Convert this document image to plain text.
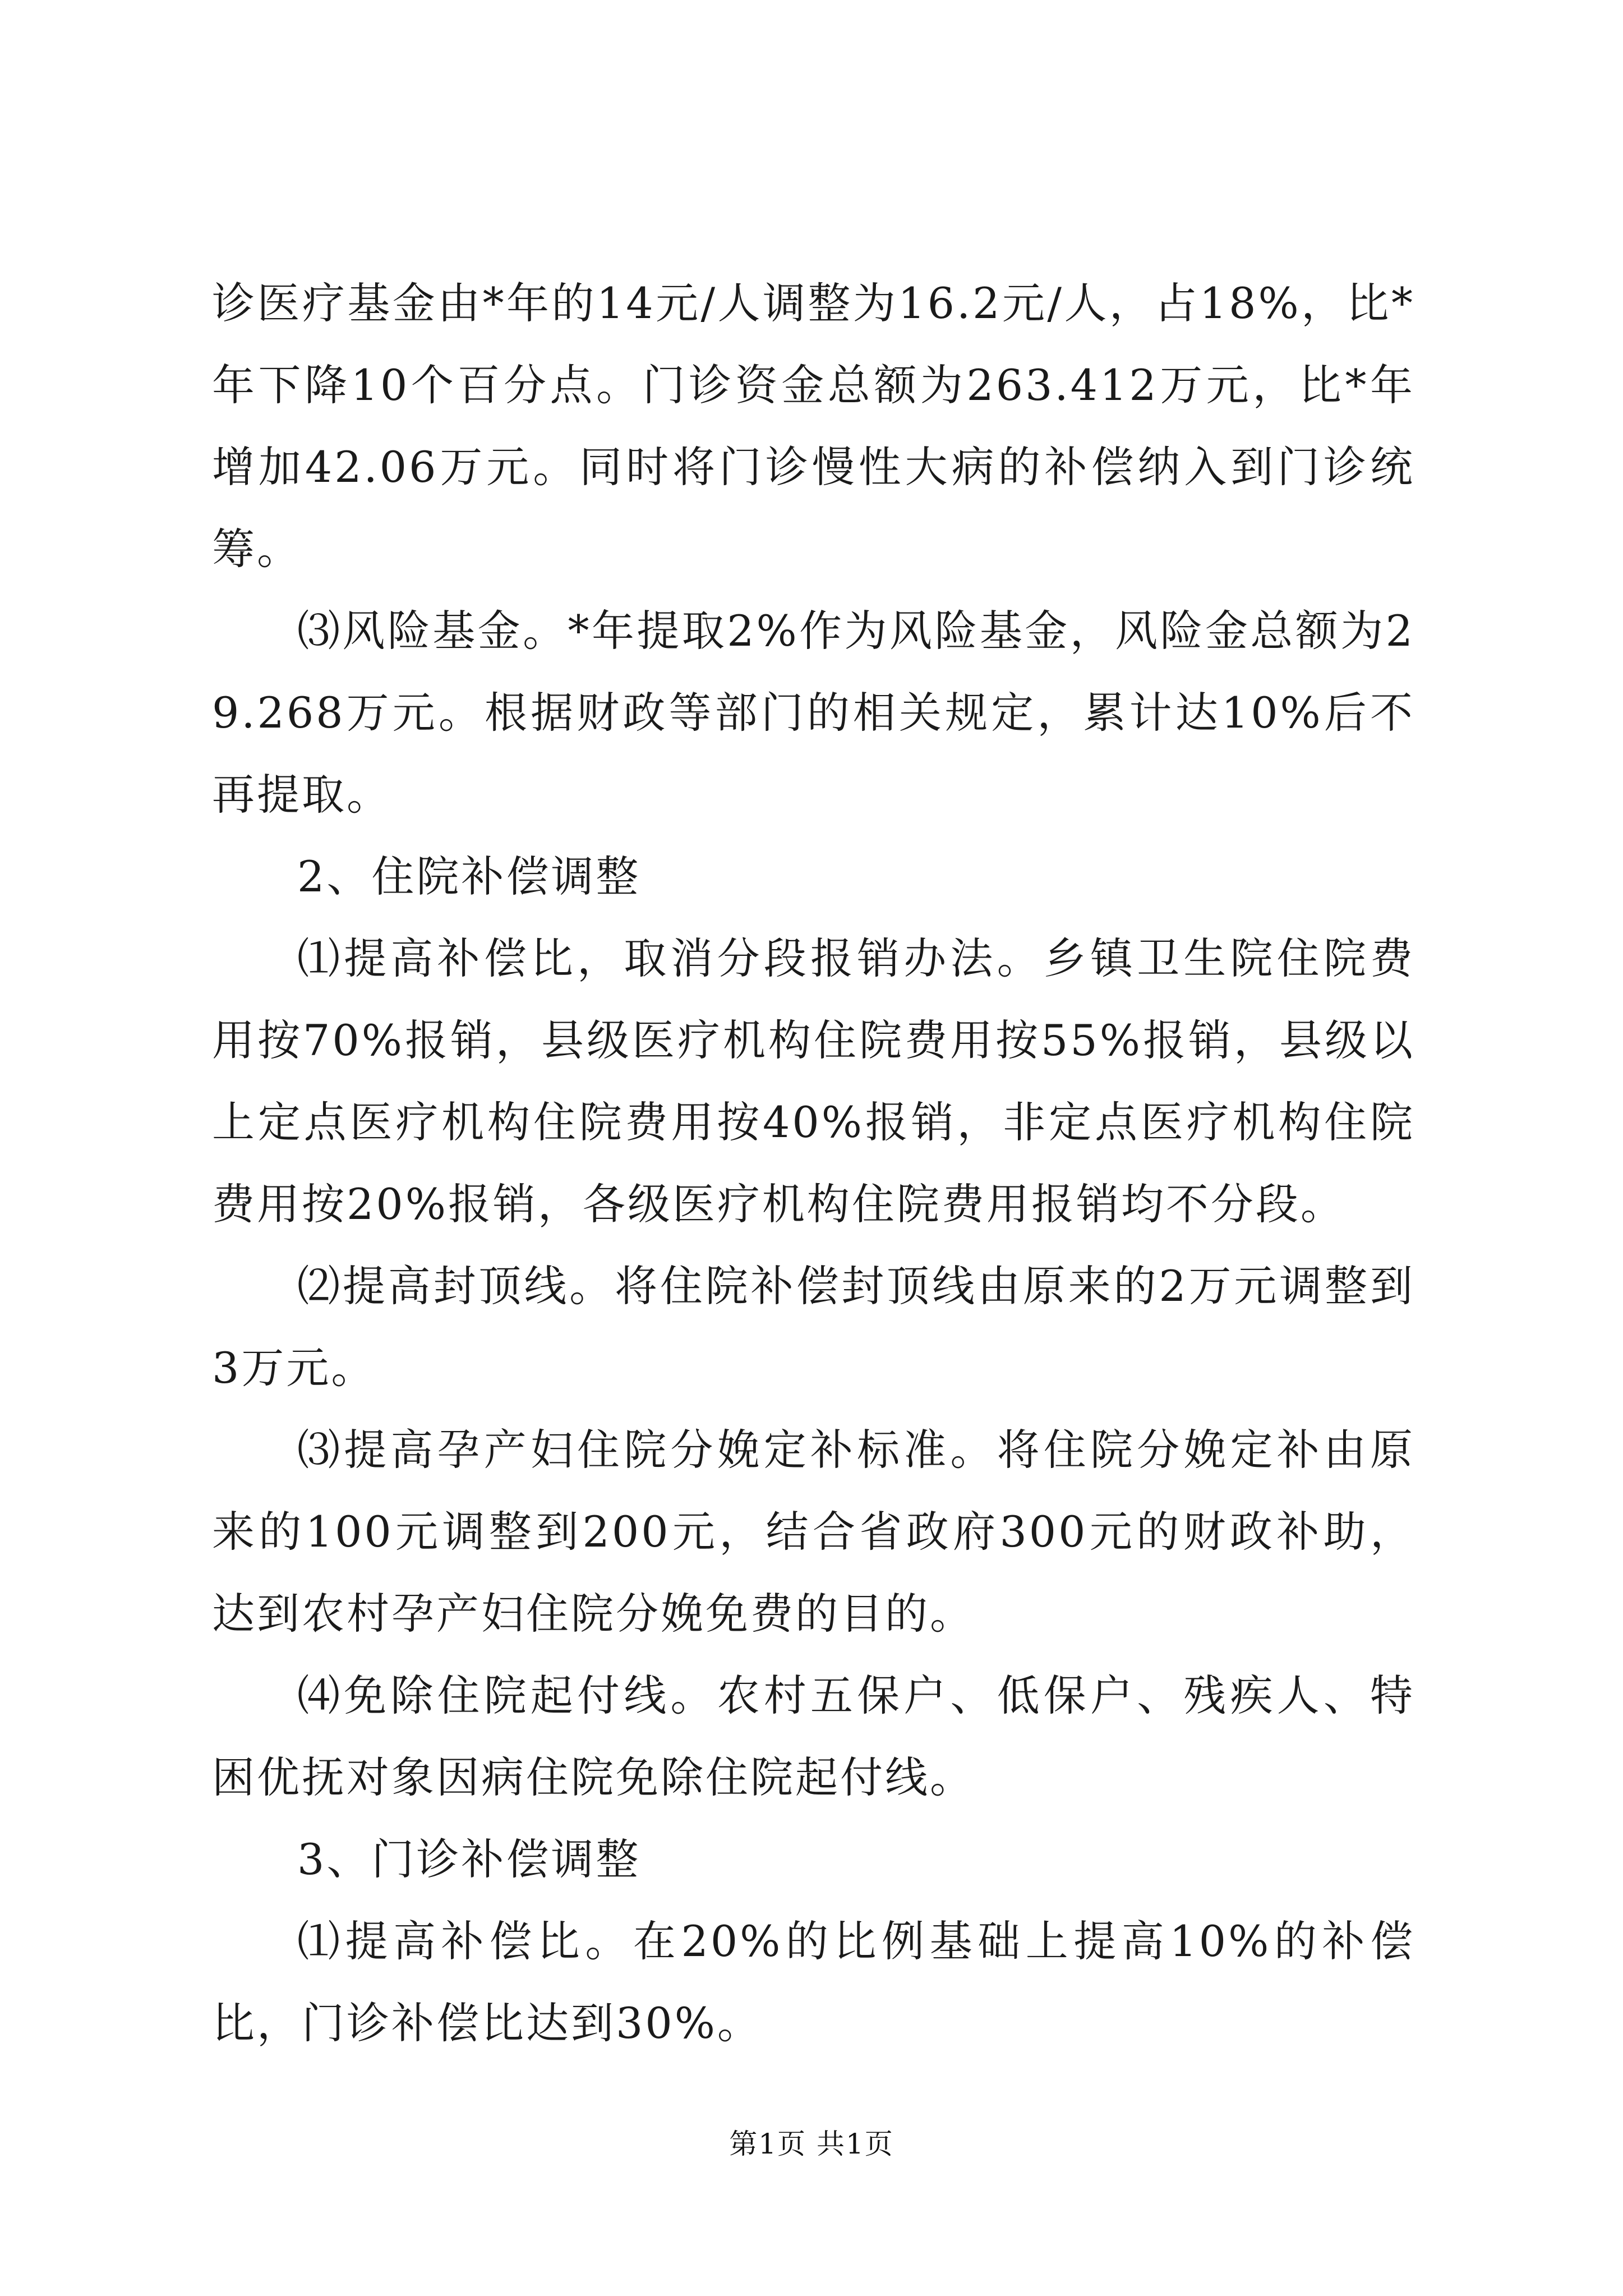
诊医疗基金由*年的14元/人调整为16.2元/人，占18%，比*年下降10个百分点。门诊资金总额为263.412万元，比*年增加42.06万元。同时将门诊慢性大病的补偿纳入到门诊统筹。

⑶风险基金。*年提取2%作为风险基金，风险金总额为29.268万元。根据财政等部门的相关规定，累计达10%后不再提取。

2、住院补偿调整

⑴提高补偿比，取消分段报销办法。乡镇卫生院住院费用按70%报销，县级医疗机构住院费用按55%报销，县级以上定点医疗机构住院费用按40%报销，非定点医疗机构住院费用按20%报销，各级医疗机构住院费用报销均不分段。

⑵提高封顶线。将住院补偿封顶线由原来的2万元调整到3万元。

⑶提高孕产妇住院分娩定补标准。将住院分娩定补由原来的100元调整到200元，结合省政府300元的财政补助，达到农村孕产妇住院分娩免费的目的。

⑷免除住院起付线。农村五保户、低保户、残疾人、特困优抚对象因病住院免除住院起付线。

3、门诊补偿调整

⑴提高补偿比。在20%的比例基础上提高10%的补偿比，门诊补偿比达到30%。

第1页 共1页
